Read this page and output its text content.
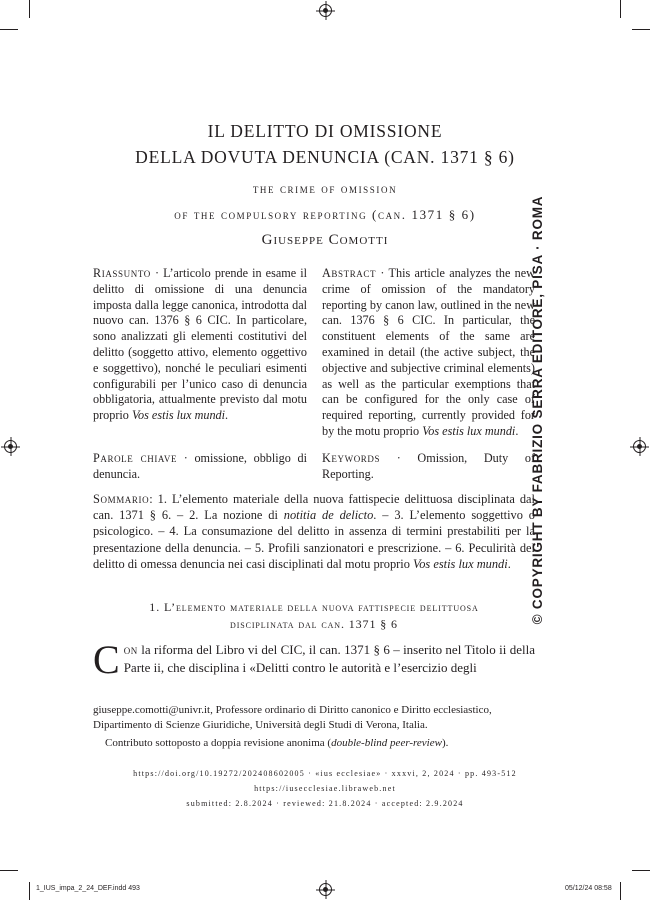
IL DELITTO DI OMISSIONE
DELLA DOVUTA DENUNCIA (CAN. 1371 § 6)
the crime of omission
of the compulsory reporting (can. 1371 § 6)
Giuseppe Comotti
Riassunto · L’articolo prende in esame il delitto di omissione di una denuncia imposta dalla legge canonica, introdotta dal nuovo can. 1376 § 6 CIC. In particolare, sono analizzati gli elementi costitutivi del delitto (soggetto attivo, elemento oggettivo e soggettivo), nonché le peculiari esimenti configurabili per l’unico caso di denuncia obbligatoria, attualmente previsto dal motu proprio Vos estis lux mundi.
Abstract · This article analyzes the new crime of omission of the mandatory reporting by canon law, outlined in the new can. 1376 § 6 CIC. In particular, the constituent elements of the same are examined in detail (the active subject, the objective and subjective criminal elements) as well as the particular exemptions that can be configured for the only case of required reporting, currently provided for by the motu proprio Vos estis lux mundi.
Parole chiave · omissione, obbligo di denuncia.
Keywords · Omission, Duty of Reporting.
Sommario: 1. L’elemento materiale della nuova fattispecie delittuosa disciplinata dal can. 1371 § 6. – 2. La nozione di notitia de delicto. – 3. L’elemento soggettivo o psicologico. – 4. La consumazione del delitto in assenza di termini prestabiliti per la presentazione della denuncia. – 5. Profili sanzionatori e prescrizione. – 6. Peculirità del delitto di omessa denuncia nei casi disciplinati dal motu proprio Vos estis lux mundi.
1. L’elemento materiale della nuova fattispecie delittuosa
disciplinata dal can. 1371 § 6
Con la riforma del Libro vi del CIC, il can. 1371 § 6 – inserito nel Titolo ii della Parte ii, che disciplina i «Delitti contro le autorità e l’esercizio degli
giuseppe.comotti@univr.it, Professore ordinario di Diritto canonico e Diritto ecclesiastico, Dipartimento di Scienze Giuridiche, Università degli Studi di Verona, Italia.
Contributo sottoposto a doppia revisione anonima (double-blind peer-review).
https://doi.org/10.19272/202408602005 · «ius ecclesiae» · xxxvi, 2, 2024 · pp. 493-512
https://iusecclesiae.libraweb.net
submitted: 2.8.2024 · reviewed: 21.8.2024 · accepted: 2.9.2024
© COPYRIGHT BY FABRIZIO SERRA EDITORE, PISA · ROMA
1_IUS_impa_2_24_DEF.indd 493	05/12/24 08:58
